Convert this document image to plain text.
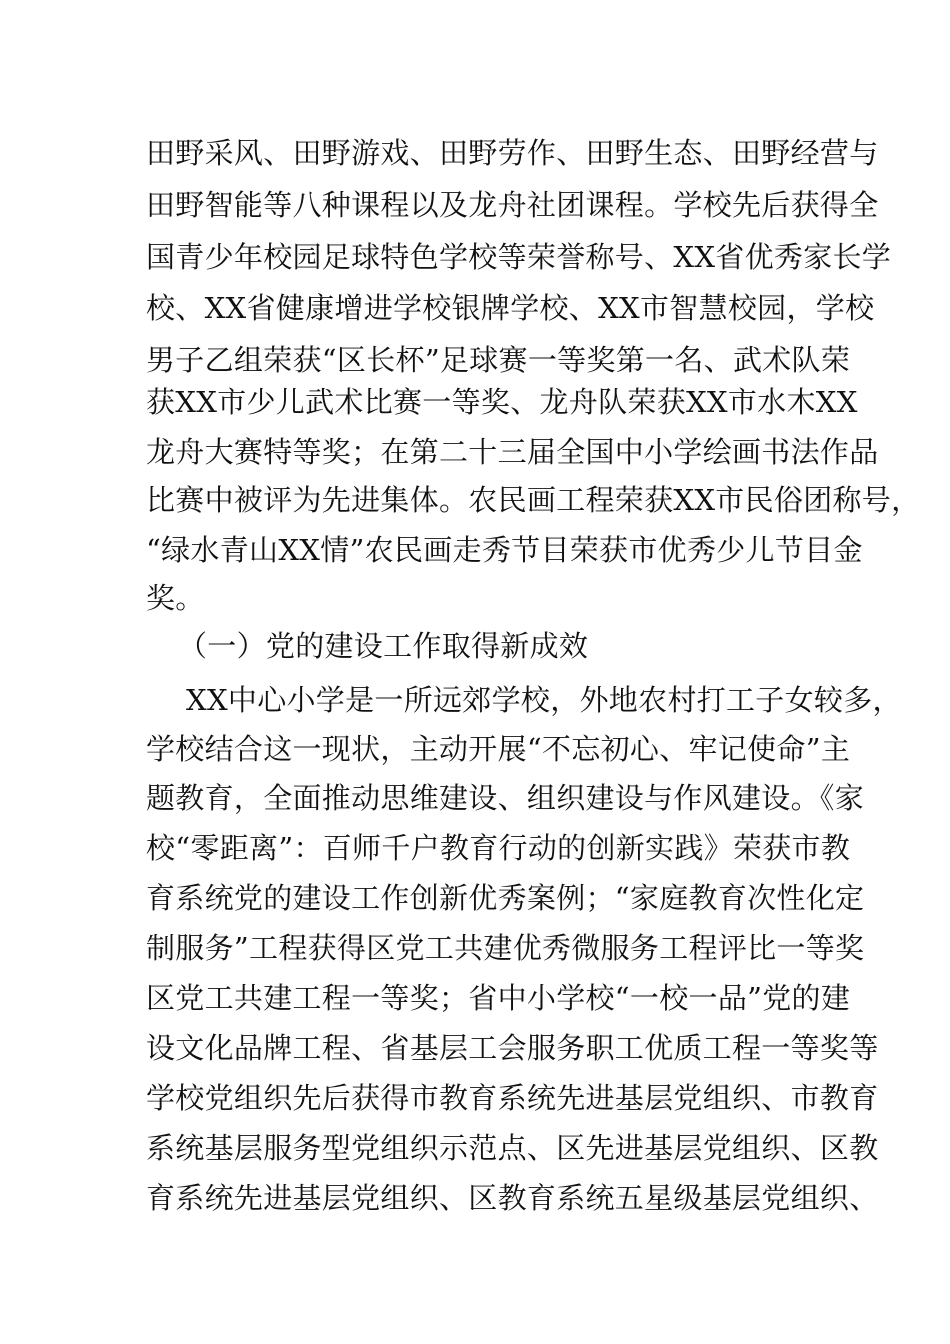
田野采风、田野游戏、田野劳作、田野生态、田野经营与
田野智能等八种课程以及龙舟社团课程。学校先后获得全
国青少年校园足球特色学校等荣誉称号、XX省优秀家长学
校、XX省健康增进学校银牌学校、XX市智慧校园，学校
男子乙组荣获“区长杯”足球赛一等奖第一名、武术队荣
获XX市少儿武术比赛一等奖、龙舟队荣获XX市水木XX
龙舟大赛特等奖；在第二十三届全国中小学绘画书法作品
比赛中被评为先进集体。农民画工程荣获XX市民俗团称号，
“绿水青山XX情”农民画走秀节目荣获市优秀少儿节目金
奖。
（一）党的建设工作取得新成效
XX中心小学是一所远郊学校，外地农村打工子女较多，
学校结合这一现状，主动开展“不忘初心、牢记使命”主
题教育，全面推动思维建设、组织建设与作风建设。《家
校“零距离”：百师千户教育行动的创新实践》荣获市教
育系统党的建设工作创新优秀案例；“家庭教育次性化定
制服务”工程获得区党工共建优秀微服务工程评比一等奖
区党工共建工程一等奖；省中小学校“一校一品”党的建
设文化品牌工程、省基层工会服务职工优质工程一等奖等
学校党组织先后获得市教育系统先进基层党组织、市教育
系统基层服务型党组织示范点、区先进基层党组织、区教
育系统先进基层党组织、区教育系统五星级基层党组织、
